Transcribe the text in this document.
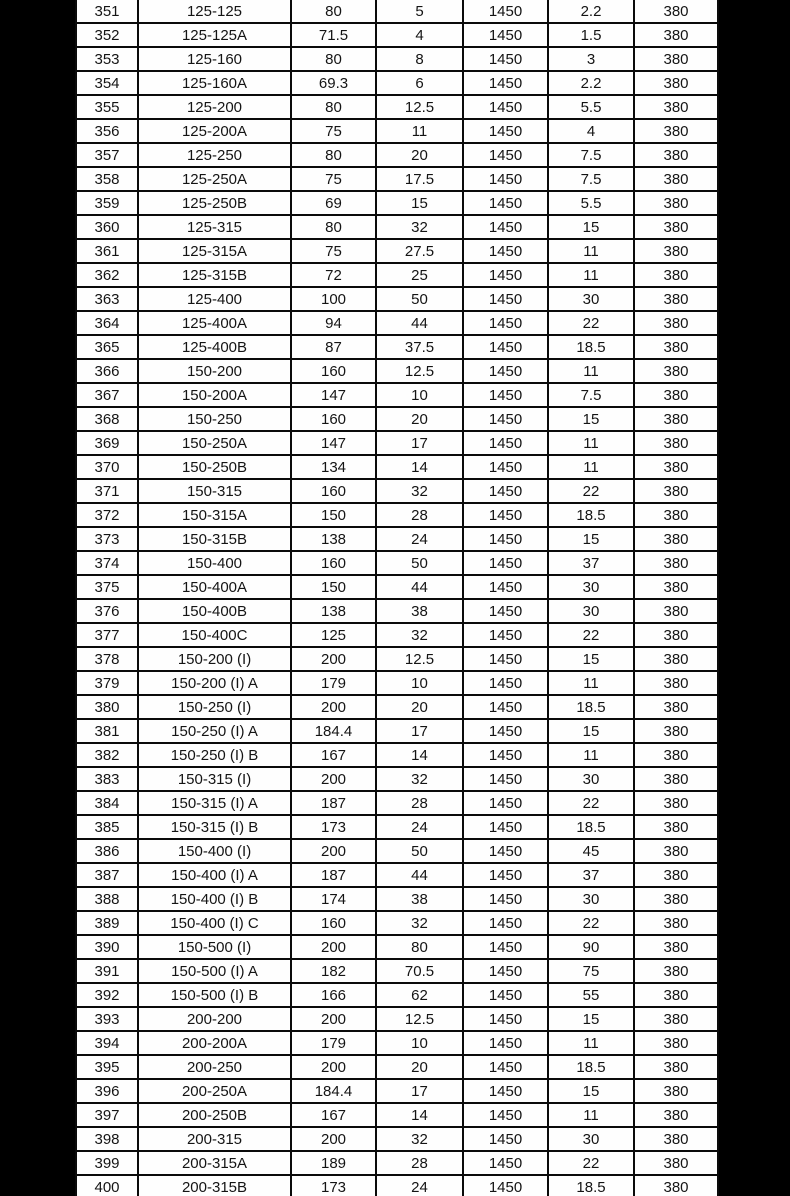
351	125-125	80	5	1450	2.2	380
352	125-125A	71.5	4	1450	1.5	380
353	125-160	80	8	1450	3	380
354	125-160A	69.3	6	1450	2.2	380
355	125-200	80	12.5	1450	5.5	380
356	125-200A	75	11	1450	4	380
357	125-250	80	20	1450	7.5	380
358	125-250A	75	17.5	1450	7.5	380
359	125-250B	69	15	1450	5.5	380
360	125-315	80	32	1450	15	380
361	125-315A	75	27.5	1450	11	380
362	125-315B	72	25	1450	11	380
363	125-400	100	50	1450	30	380
364	125-400A	94	44	1450	22	380
365	125-400B	87	37.5	1450	18.5	380
366	150-200	160	12.5	1450	11	380
367	150-200A	147	10	1450	7.5	380
368	150-250	160	20	1450	15	380
369	150-250A	147	17	1450	11	380
370	150-250B	134	14	1450	11	380
371	150-315	160	32	1450	22	380
372	150-315A	150	28	1450	18.5	380
373	150-315B	138	24	1450	15	380
374	150-400	160	50	1450	37	380
375	150-400A	150	44	1450	30	380
376	150-400B	138	38	1450	30	380
377	150-400C	125	32	1450	22	380
378	150-200 (I)	200	12.5	1450	15	380
379	150-200 (I) A	179	10	1450	11	380
380	150-250 (I)	200	20	1450	18.5	380
381	150-250 (I) A	184.4	17	1450	15	380
382	150-250 (I) B	167	14	1450	11	380
383	150-315 (I)	200	32	1450	30	380
384	150-315 (I) A	187	28	1450	22	380
385	150-315 (I) B	173	24	1450	18.5	380
386	150-400 (I)	200	50	1450	45	380
387	150-400 (I) A	187	44	1450	37	380
388	150-400 (I) B	174	38	1450	30	380
389	150-400 (I) C	160	32	1450	22	380
390	150-500 (I)	200	80	1450	90	380
391	150-500 (I) A	182	70.5	1450	75	380
392	150-500 (I) B	166	62	1450	55	380
393	200-200	200	12.5	1450	15	380
394	200-200A	179	10	1450	11	380
395	200-250	200	20	1450	18.5	380
396	200-250A	184.4	17	1450	15	380
397	200-250B	167	14	1450	11	380
398	200-315	200	32	1450	30	380
399	200-315A	189	28	1450	22	380
400	200-315B	173	24	1450	18.5	380
